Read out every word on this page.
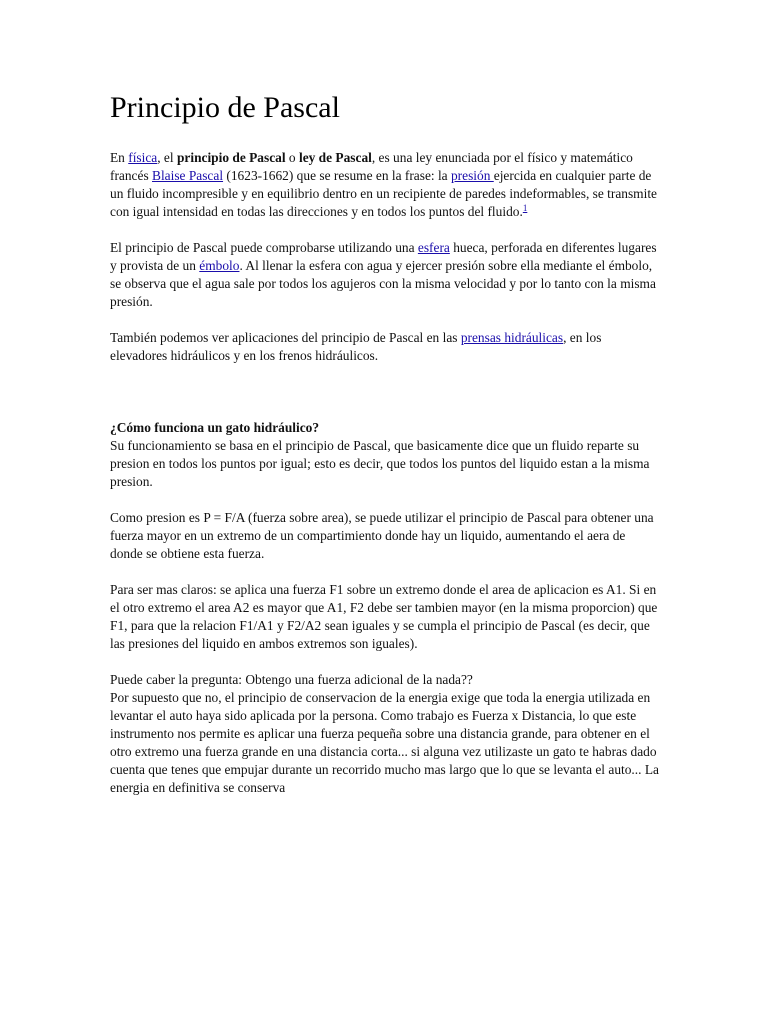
Principio de Pascal

En física, el principio de Pascal o ley de Pascal, es una ley enunciada por el físico y matemático francés Blaise Pascal (1623-1662) que se resume en la frase: la presión ejercida en cualquier parte de un fluido incompresible y en equilibrio dentro en un recipiente de paredes indeformables, se transmite con igual intensidad en todas las direcciones y en todos los puntos del fluido.$^1$

El principio de Pascal puede comprobarse utilizando una esfera hueca, perforada en diferentes lugares y provista de un émbolo. Al llenar la esfera con agua y ejercer presión sobre ella mediante el émbolo, se observa que el agua sale por todos los agujeros con la misma velocidad y por lo tanto con la misma presión.

También podemos ver aplicaciones del principio de Pascal en las prensas hidráulicas, en los elevadores hidráulicos y en los frenos hidráulicos.

¿Cómo funciona un gato hidráulico?
Su funcionamiento se basa en el principio de Pascal, que basicamente dice que un fluido reparte su presion en todos los puntos por igual; esto es decir, que todos los puntos del liquido estan a la misma presion.

Como presion es P = F/A (fuerza sobre area), se puede utilizar el principio de Pascal para obtener una fuerza mayor en un extremo de un compartimiento donde hay un liquido, aumentando el aera de donde se obtiene esta fuerza.

Para ser mas claros: se aplica una fuerza F1 sobre un extremo donde el area de aplicacion es A1. Si en el otro extremo el area A2 es mayor que A1, F2 debe ser tambien mayor (en la misma proporcion) que F1, para que la relacion F1/A1 y F2/A2 sean iguales y se cumpla el principio de Pascal (es decir, que las presiones del liquido en ambos extremos son iguales).

Puede caber la pregunta: Obtengo una fuerza adicional de la nada??
Por supuesto que no, el principio de conservacion de la energia exige que toda la energia utilizada en levantar el auto haya sido aplicada por la persona. Como trabajo es Fuerza x Distancia, lo que este instrumento nos permite es aplicar una fuerza pequeña sobre una distancia grande, para obtener en el otro extremo una fuerza grande en una distancia corta... si alguna vez utilizaste un gato te habras dado cuenta que tenes que empujar durante un recorrido mucho mas largo que lo que se levanta el auto... La energia en definitiva se conserva
